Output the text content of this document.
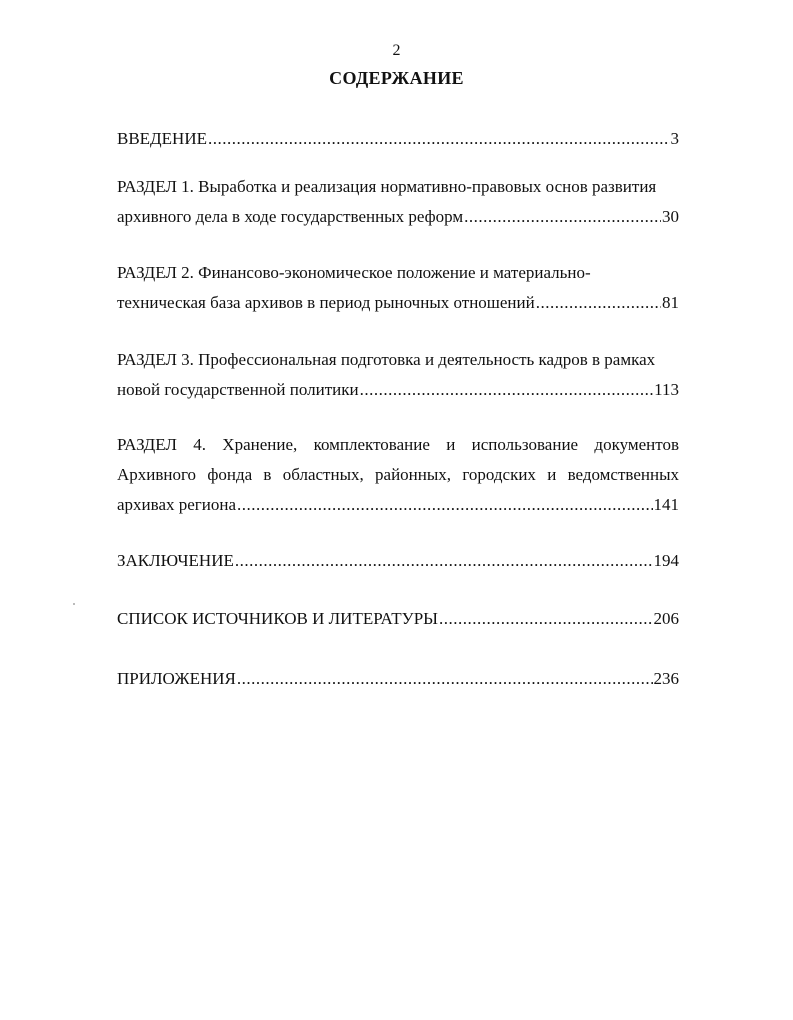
2
СОДЕРЖАНИЕ
ВВЕДЕНИЕ .....	3
РАЗДЕЛ 1. Выработка и реализация нормативно-правовых основ развития
архивного дела в ходе государственных реформ .....	30
РАЗДЕЛ 2. Финансово-экономическое положение и материально-
техническая база архивов в период рыночных отношений .....	81
РАЗДЕЛ 3. Профессиональная подготовка и деятельность кадров в рамках
новой государственной политики .....	113
РАЗДЕЛ 4. Хранение, комплектование и использование документов
Архивного фонда в областных, районных, городских и ведомственных
архивах региона .....	141
ЗАКЛЮЧЕНИЕ .....	194
СПИСОК ИСТОЧНИКОВ И ЛИТЕРАТУРЫ .....	206
ПРИЛОЖЕНИЯ .....	236
